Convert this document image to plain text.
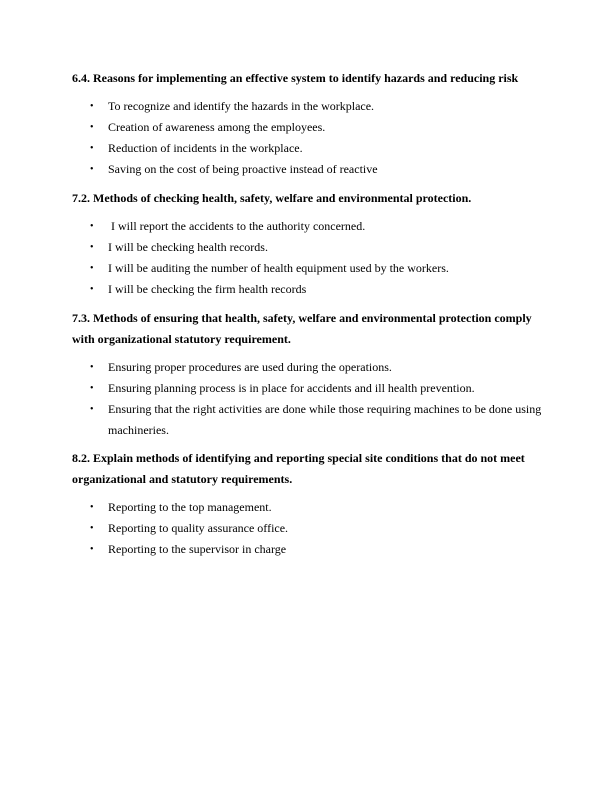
6.4. Reasons for implementing an effective system to identify hazards and reducing risk

• To recognize and identify the hazards in the workplace.
• Creation of awareness among the employees.
• Reduction of incidents in the workplace.
• Saving on the cost of being proactive instead of reactive

7.2. Methods of checking health, safety, welfare and environmental protection.

• I will report the accidents to the authority concerned.
• I will be checking health records.
• I will be auditing the number of health equipment used by the workers.
• I will be checking the firm health records

7.3. Methods of ensuring that health, safety, welfare and environmental protection comply with organizational statutory requirement.

• Ensuring proper procedures are used during the operations.
• Ensuring planning process is in place for accidents and ill health prevention.
• Ensuring that the right activities are done while those requiring machines to be done using machineries.

8.2. Explain methods of identifying and reporting special site conditions that do not meet organizational and statutory requirements.

• Reporting to the top management.
• Reporting to quality assurance office.
• Reporting to the supervisor in charge
